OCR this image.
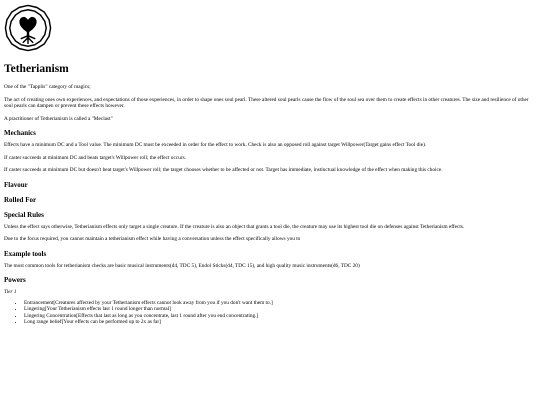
Tetherianism

One of the "Tapplis" category of magics;

The act of creating ones own experiences, and expectations of those experiences, in order to shape ones soul pearl. These altered soul pearls cause the flow of the soul sea over them to create effects in other creatures. The size and resilience of other soul pearls can dampen or prevent these effects however.

A practitioner of Tetherianism is called a "Meclast"

Mechanics

Effects have a minimum DC and a Tool value. The minimum DC must be exceeded in order for the effect to work. Check is also an opposed roll against target Willpower(Target gains effect Tool die).

If caster succeeds at minimum DC and beats target's Willpower roll; the effect occurs.

If caster succeeds at minimum DC but doesn't beat target's Willpower roll; the target chooses whether to be affected or not. Target has immediate, instinctual knowledge of the effect when making this choice.

Flavour
Rolled For
Special Rules

Unless the effect says otherwise, Tetherianism effects only target a single creature. If the creature is also an object that grants a tool die, the creature may use its highest tool die on defenses against Tetherianism effects.

Due to the focus required, you cannot maintain a tetherianism effect while having a conversation unless the effect specifically allows you to

Example tools

The most common tools for tetherianism checks are basic musical instruments(d4, TDC 5), Endol Sticks(d4, TDC 15), and high quality music instruments(d6, TDC 20)

Powers

Tier 1

• Entrancement[Creatures affected by your Tetherianism effects cannot look away from you if you don't want them to.]
• Lingering[Your Tetherianism effects last 1 round longer than normal]
• Lingering Concentration[Effects that last as long as you concentrate, last 1 round after you end concentrating.]
• Long range belief[Your effects can be performed up to 2x as far]
